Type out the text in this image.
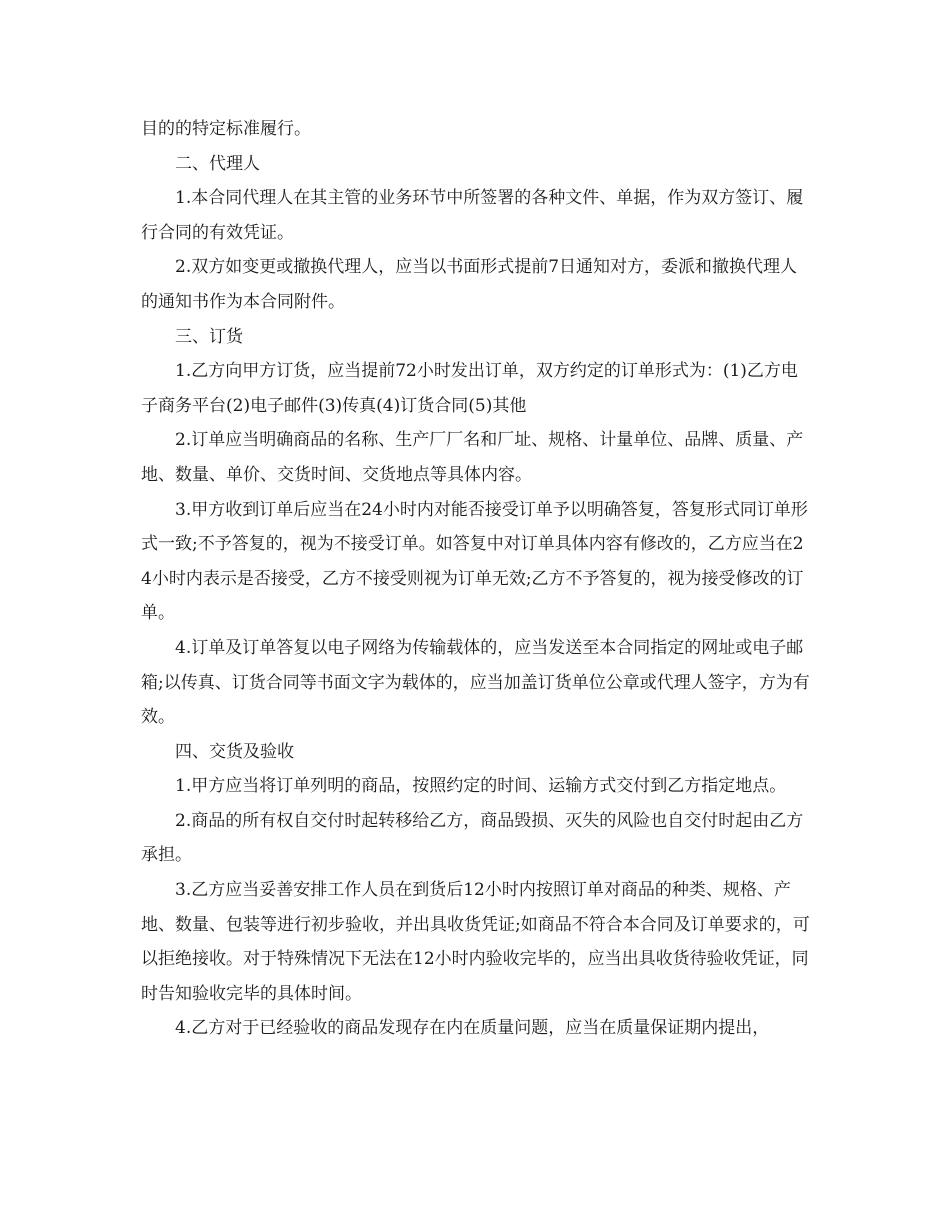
目的的特定标准履行。

二、代理人

1.本合同代理人在其主管的业务环节中所签署的各种文件、单据，作为双方签订、履行合同的有效凭证。

2.双方如变更或撤换代理人，应当以书面形式提前7日通知对方，委派和撤换代理人的通知书作为本合同附件。

三、订货

1.乙方向甲方订货，应当提前72小时发出订单，双方约定的订单形式为：(1)乙方电子商务平台(2)电子邮件(3)传真(4)订货合同(5)其他

2.订单应当明确商品的名称、生产厂厂名和厂址、规格、计量单位、品牌、质量、产地、数量、单价、交货时间、交货地点等具体内容。

3.甲方收到订单后应当在24小时内对能否接受订单予以明确答复，答复形式同订单形式一致;不予答复的，视为不接受订单。如答复中对订单具体内容有修改的，乙方应当在24小时内表示是否接受，乙方不接受则视为订单无效;乙方不予答复的，视为接受修改的订单。

4.订单及订单答复以电子网络为传输载体的，应当发送至本合同指定的网址或电子邮箱;以传真、订货合同等书面文字为载体的，应当加盖订货单位公章或代理人签字，方为有效。

四、交货及验收

1.甲方应当将订单列明的商品，按照约定的时间、运输方式交付到乙方指定地点。

2.商品的所有权自交付时起转移给乙方，商品毁损、灭失的风险也自交付时起由乙方承担。

3.乙方应当妥善安排工作人员在到货后12小时内按照订单对商品的种类、规格、产地、数量、包装等进行初步验收，并出具收货凭证;如商品不符合本合同及订单要求的，可以拒绝接收。对于特殊情况下无法在12小时内验收完毕的，应当出具收货待验收凭证，同时告知验收完毕的具体时间。

4.乙方对于已经验收的商品发现存在内在质量问题，应当在质量保证期内提出，
